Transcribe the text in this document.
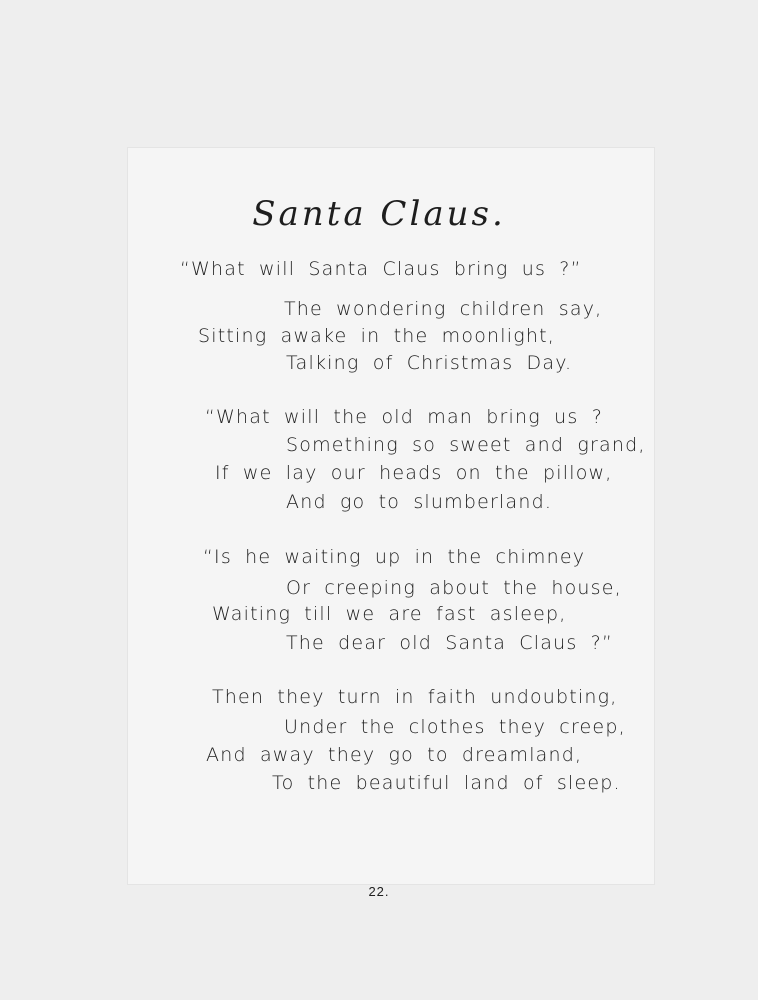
Santa Claus.
“What will Santa Claus bring us ?”
The wondering children say,
Sitting awake in the moonlight,
Talking of Christmas Day.
“What will the old man bring us ?
Something so sweet and grand,
If we lay our heads on the pillow,
And go to slumberland.
“Is he waiting up in the chimney
Or creeping about the house,
Waiting till we are fast asleep,
The dear old Santa Claus ?”
Then they turn in faith undoubting,
Under the clothes they creep,
And away they go to dreamland,
To the beautiful land of sleep.
22.
